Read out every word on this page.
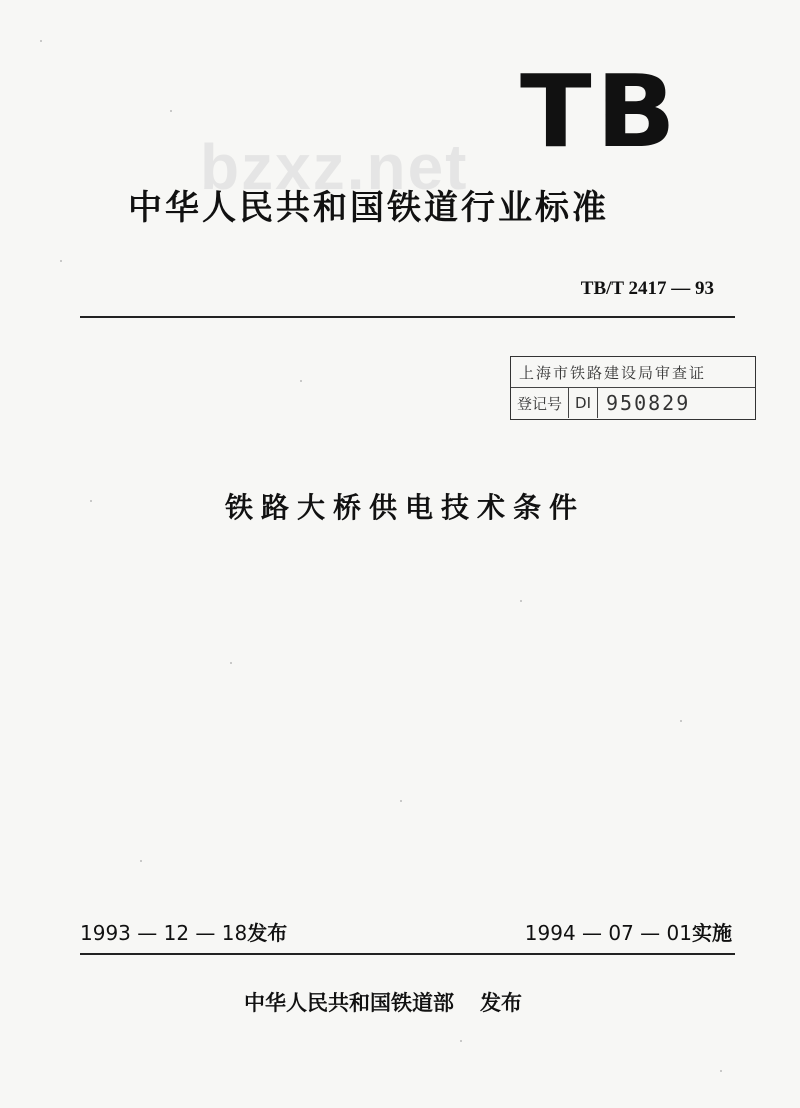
bzxz.net TB
中华人民共和国铁道行业标准
TB/T 2417 — 93
上海市铁路建设局审查证
登记号 DI 950829
铁路大桥供电技术条件
1993 — 12 — 18发布	1994 — 07 — 01实施
中华人民共和国铁道部 发布
